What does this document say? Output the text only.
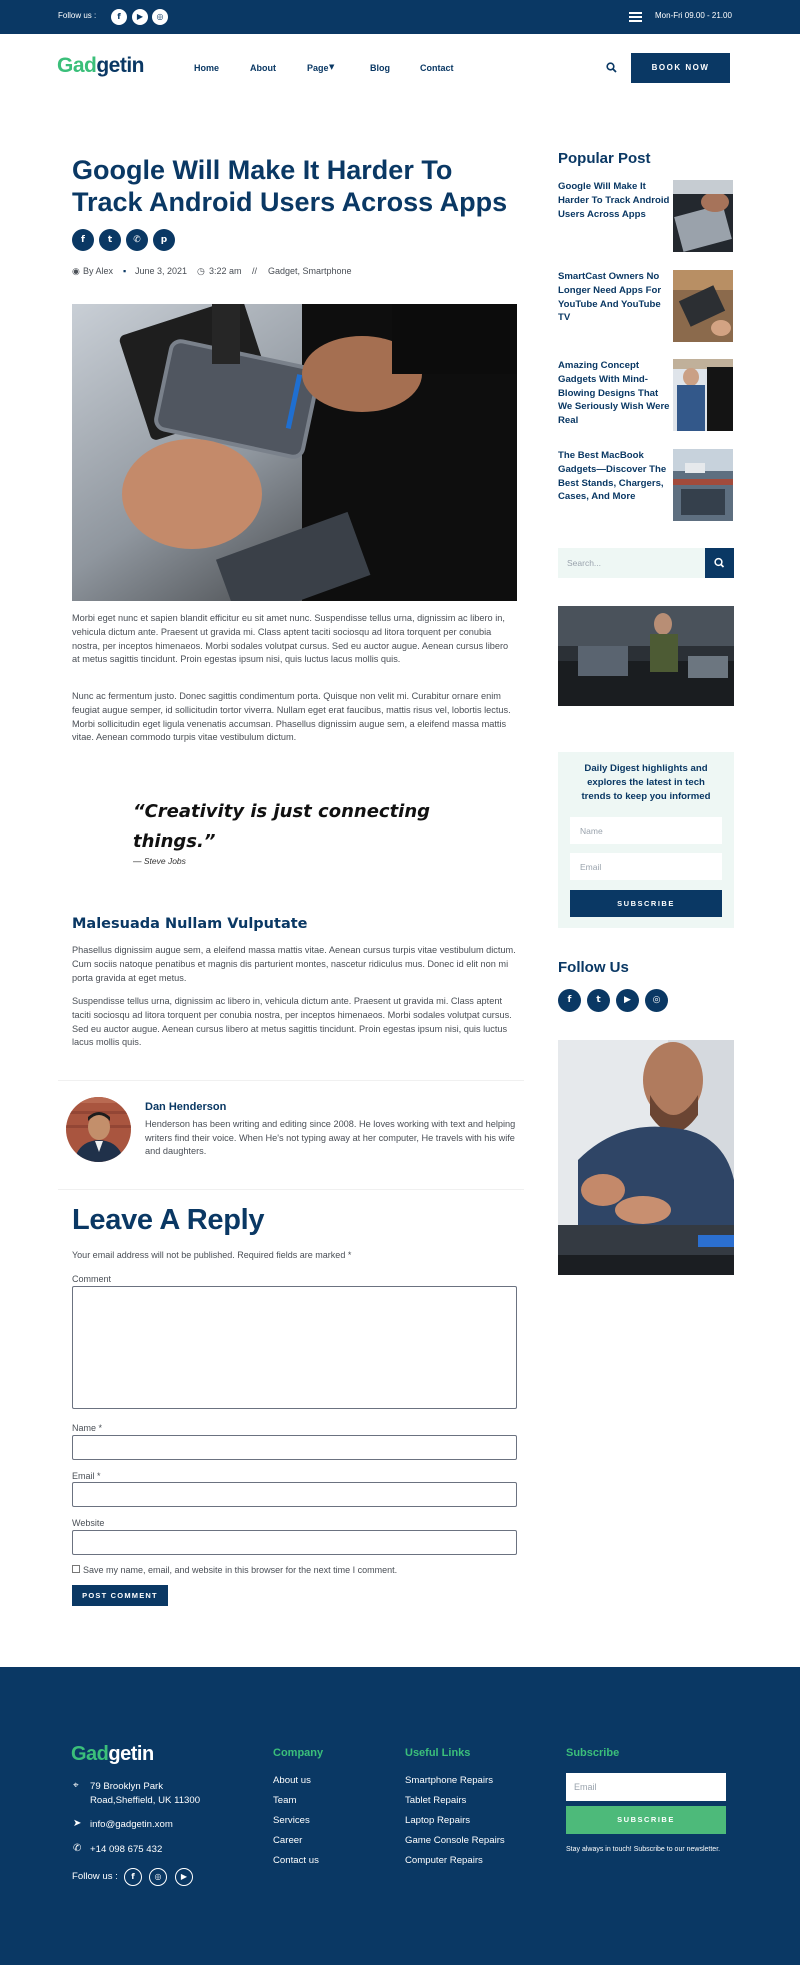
Follow us :	f	▶	◎	Mon-Fri 09.00 - 21.00
Gadgetin	Home	About	Page	Blog	Contact
▼	BOOK NOW
Google Will Make It Harder To Track Android Users Across Apps
f	t	✆	p
◉ By Alex ▪ June 3, 2021 ◷ 3:22 am // Gadget, Smartphone

Morbi eget nunc et sapien blandit efficitur eu sit amet nunc. Suspendisse tellus urna, dignissim ac libero in, vehicula dictum ante. Praesent ut gravida mi. Class aptent taciti sociosqu ad litora torquent per conubia nostra, per inceptos himenaeos. Morbi sodales volutpat cursus. Sed eu auctor augue. Aenean cursus libero at metus sagittis tincidunt. Proin egestas ipsum nisi, quis luctus lacus mollis quis.

Nunc ac fermentum justo. Donec sagittis condimentum porta. Quisque non velit mi. Curabitur ornare enim feugiat augue semper, id sollicitudin tortor viverra. Nullam eget erat faucibus, mattis risus vel, lobortis lectus. Morbi sollicitudin eget ligula venenatis accumsan. Phasellus dignissim augue sem, a eleifend massa mattis vitae. Aenean commodo turpis vitae vestibulum dictum.

“Creativity is just connecting things.”
— Steve Jobs
Malesuada Nullam Vulputate

Phasellus dignissim augue sem, a eleifend massa mattis vitae. Aenean cursus turpis vitae vestibulum dictum. Cum sociis natoque penatibus et magnis dis parturient montes, nascetur ridiculus mus. Donec id elit non mi porta gravida at eget metus.

Suspendisse tellus urna, dignissim ac libero in, vehicula dictum ante. Praesent ut gravida mi. Class aptent taciti sociosqu ad litora torquent per conubia nostra, per inceptos himenaeos. Morbi sodales volutpat cursus. Sed eu auctor augue. Aenean cursus libero at metus sagittis tincidunt. Proin egestas ipsum nisi, quis luctus lacus mollis quis.

Dan Henderson

Henderson has been writing and editing since 2008. He loves working with text and helping writers find their voice. When He's not typing away at her computer, He travels with his wife and daughters.

Leave A Reply
Your email address will not be published. Required fields are marked *
Comment
Name *
Email *
Website
Save my name, email, and website in this browser for the next time I comment.
POST COMMENT
Popular Post
Google Will Make It Harder To Track Android Users Across Apps
SmartCast Owners No Longer Need Apps For YouTube And YouTube TV
Amazing Concept Gadgets With Mind-Blowing Designs That We Seriously Wish Were Real
The Best MacBook Gadgets—Discover The Best Stands, Chargers, Cases, And More
Search...

Daily Digest highlights and explores the latest in tech trends to keep you informed

Name
Email
SUBSCRIBE
Follow Us
f	t	▶	◎
Gadgetin
⌖ 79 Brooklyn Park Road,Sheffield, UK 11300
➤ info@gadgetin.xom
✆ +14 098 675 432
Follow us :	f	◎	▶
Company
About us
Team
Services
Career
Contact us
Useful Links
Smartphone Repairs
Tablet Repairs
Laptop Repairs
Game Console Repairs
Computer Repairs
Subscribe
Email
SUBSCRIBE
Stay always in touch! Subscribe to our newsletter.
